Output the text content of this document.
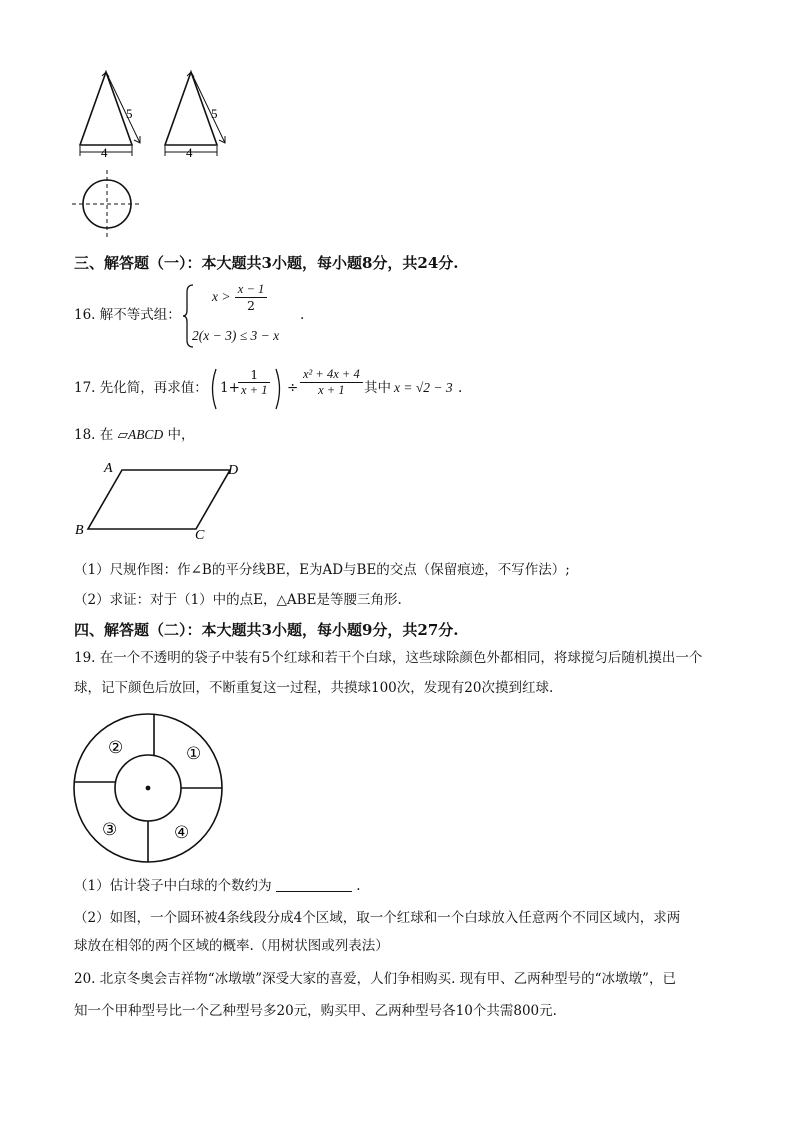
5
4
5
4
三、解答题（一）：本大题共3小题，每小题8分，共24分.
16. 解不等式组：
$x > \frac{x - 1}{2}$
2(x − 3) ≤ 3 − x
.
17. 先化简，再求值： 1+
$\frac{1}{x + 1} \div \frac{\text{x² + 4x + 4}}{x + 1}$ 其中 x = √2 − 3 .
18. 在 ▱ABCD 中，
A	D
B	C
（1）尺规作图：作∠B的平分线BE，E为AD与BE的交点（保留痕迹，不写作法）;
（2）求证：对于（1）中的点E，△ABE是等腰三角形.
四、解答题（二）：本大题共3小题，每小题9分，共27分.
19. 在一个不透明的袋子中装有5个红球和若干个白球，这些球除颜色外都相同，将球搅匀后随机摸出一个
球，记下颜色后放回，不断重复这一过程，共摸球100次，发现有20次摸到红球.
②	①
③	④
（1）估计袋子中白球的个数约为	.
（2）如图，一个圆环被4条线段分成4个区域，取一个红球和一个白球放入任意两个不同区域内，求两
球放在相邻的两个区域的概率.（用树状图或列表法）
20. 北京冬奥会吉祥物“冰墩墩”深受大家的喜爱，人们争相购买. 现有甲、乙两种型号的“冰墩墩”，已
知一个甲种型号比一个乙种型号多20元，购买甲、乙两种型号各10个共需800元.
